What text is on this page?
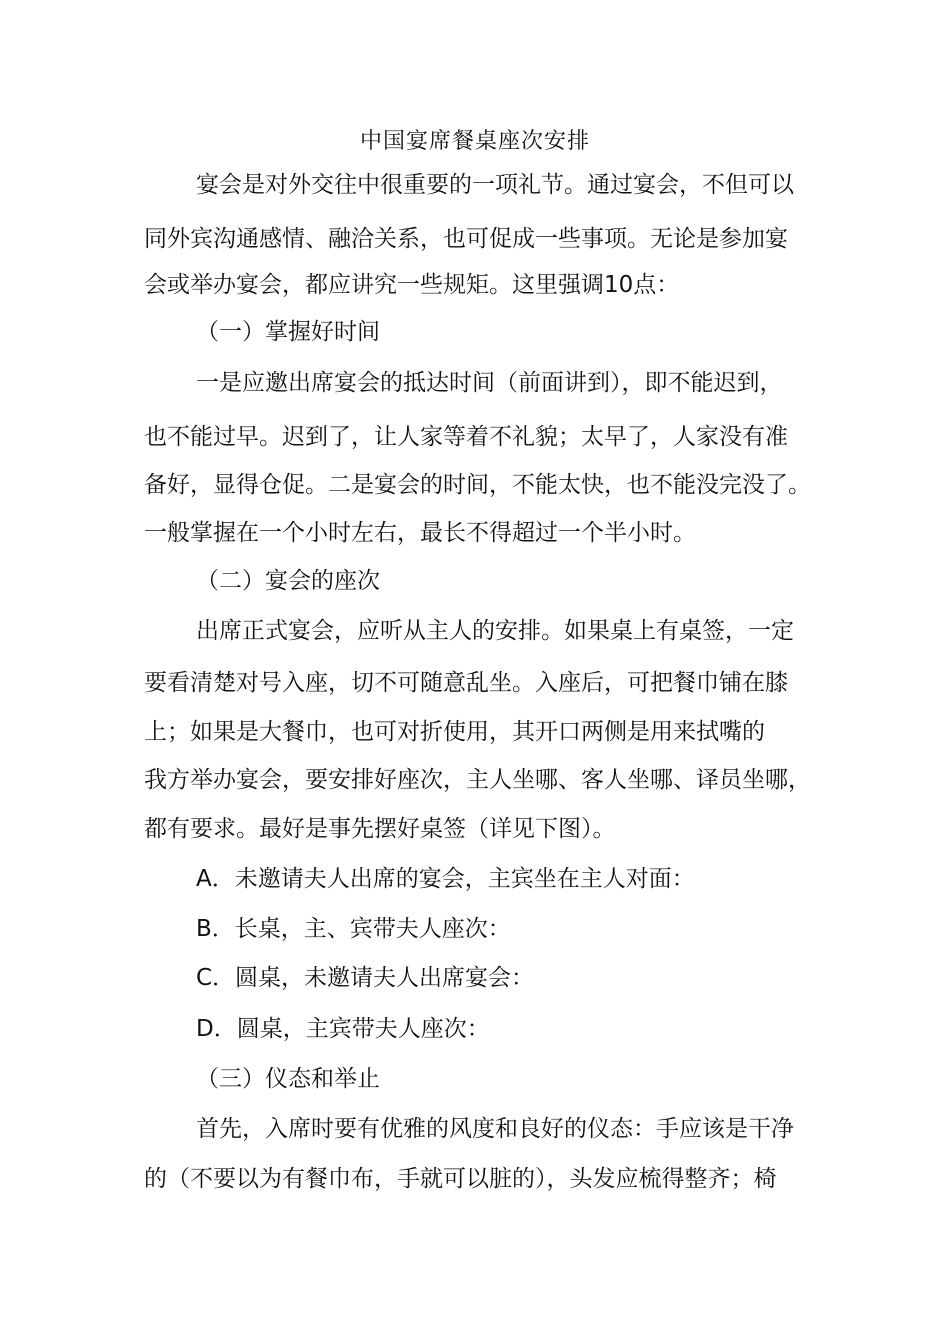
中国宴席餐桌座次安排
宴会是对外交往中很重要的一项礼节。通过宴会，不但可以
同外宾沟通感情、融洽关系，也可促成一些事项。无论是参加宴
会或举办宴会，都应讲究一些规矩。这里强调10点：
（一）掌握好时间
一是应邀出席宴会的抵达时间（前面讲到），即不能迟到，
也不能过早。迟到了，让人家等着不礼貌；太早了，人家没有准
备好，显得仓促。二是宴会的时间，不能太快，也不能没完没了。
一般掌握在一个小时左右，最长不得超过一个半小时。
（二）宴会的座次
出席正式宴会，应听从主人的安排。如果桌上有桌签，一定
要看清楚对号入座，切不可随意乱坐。入座后，可把餐巾铺在膝
上；如果是大餐巾，也可对折使用，其开口两侧是用来拭嘴的
我方举办宴会，要安排好座次，主人坐哪、客人坐哪、译员坐哪，
都有要求。最好是事先摆好桌签（详见下图）。
A．未邀请夫人出席的宴会，主宾坐在主人对面：
B．长桌，主、宾带夫人座次：
C．圆桌，未邀请夫人出席宴会：
D．圆桌，主宾带夫人座次：
（三）仪态和举止
首先，入席时要有优雅的风度和良好的仪态：手应该是干净
的（不要以为有餐巾布，手就可以脏的），头发应梳得整齐；椅
